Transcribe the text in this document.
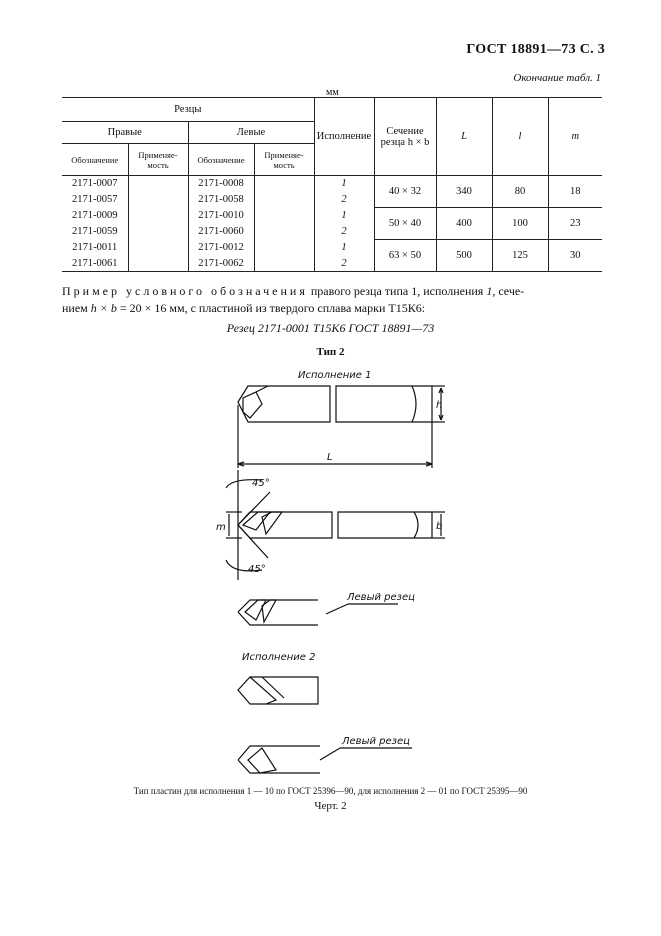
ГОСТ 18891—73 С. 3
Окончание табл. 1
мм
Резцы				Исполнение	Сечение
резца h × b	L	l	m
Правые		Левые						
Обозначение	Применяе-
мость	Обозначение	Применяе-
мость					
2171-0007		2171-0008		1	40 × 32	340	80	18
2171-0057		2171-0058		2				
2171-0009		2171-0010		1	50 × 40	400	100	23
2171-0059		2171-0060		2				
2171-0011		2171-0012		1	63 × 50	500	125	30
2171-0061		2171-0062		2				
Пример условного обозначения правого резца типа 1, исполнения 1, сече-
нием h × b = 20 × 16 мм, с пластиной из твердого сплава марки Т15К6:
Резец 2171-0001 Т15К6 ГОСТ 18891—73
Тип 2
Исполнение 1
h
L
45°
45°
m	b
Левый резец
Исполнение 2
Левый резец
Тип пластин для исполнения 1 — 10 по ГОСТ 25396—90, для исполнения 2 — 01 по ГОСТ 25395—90
Черт. 2
